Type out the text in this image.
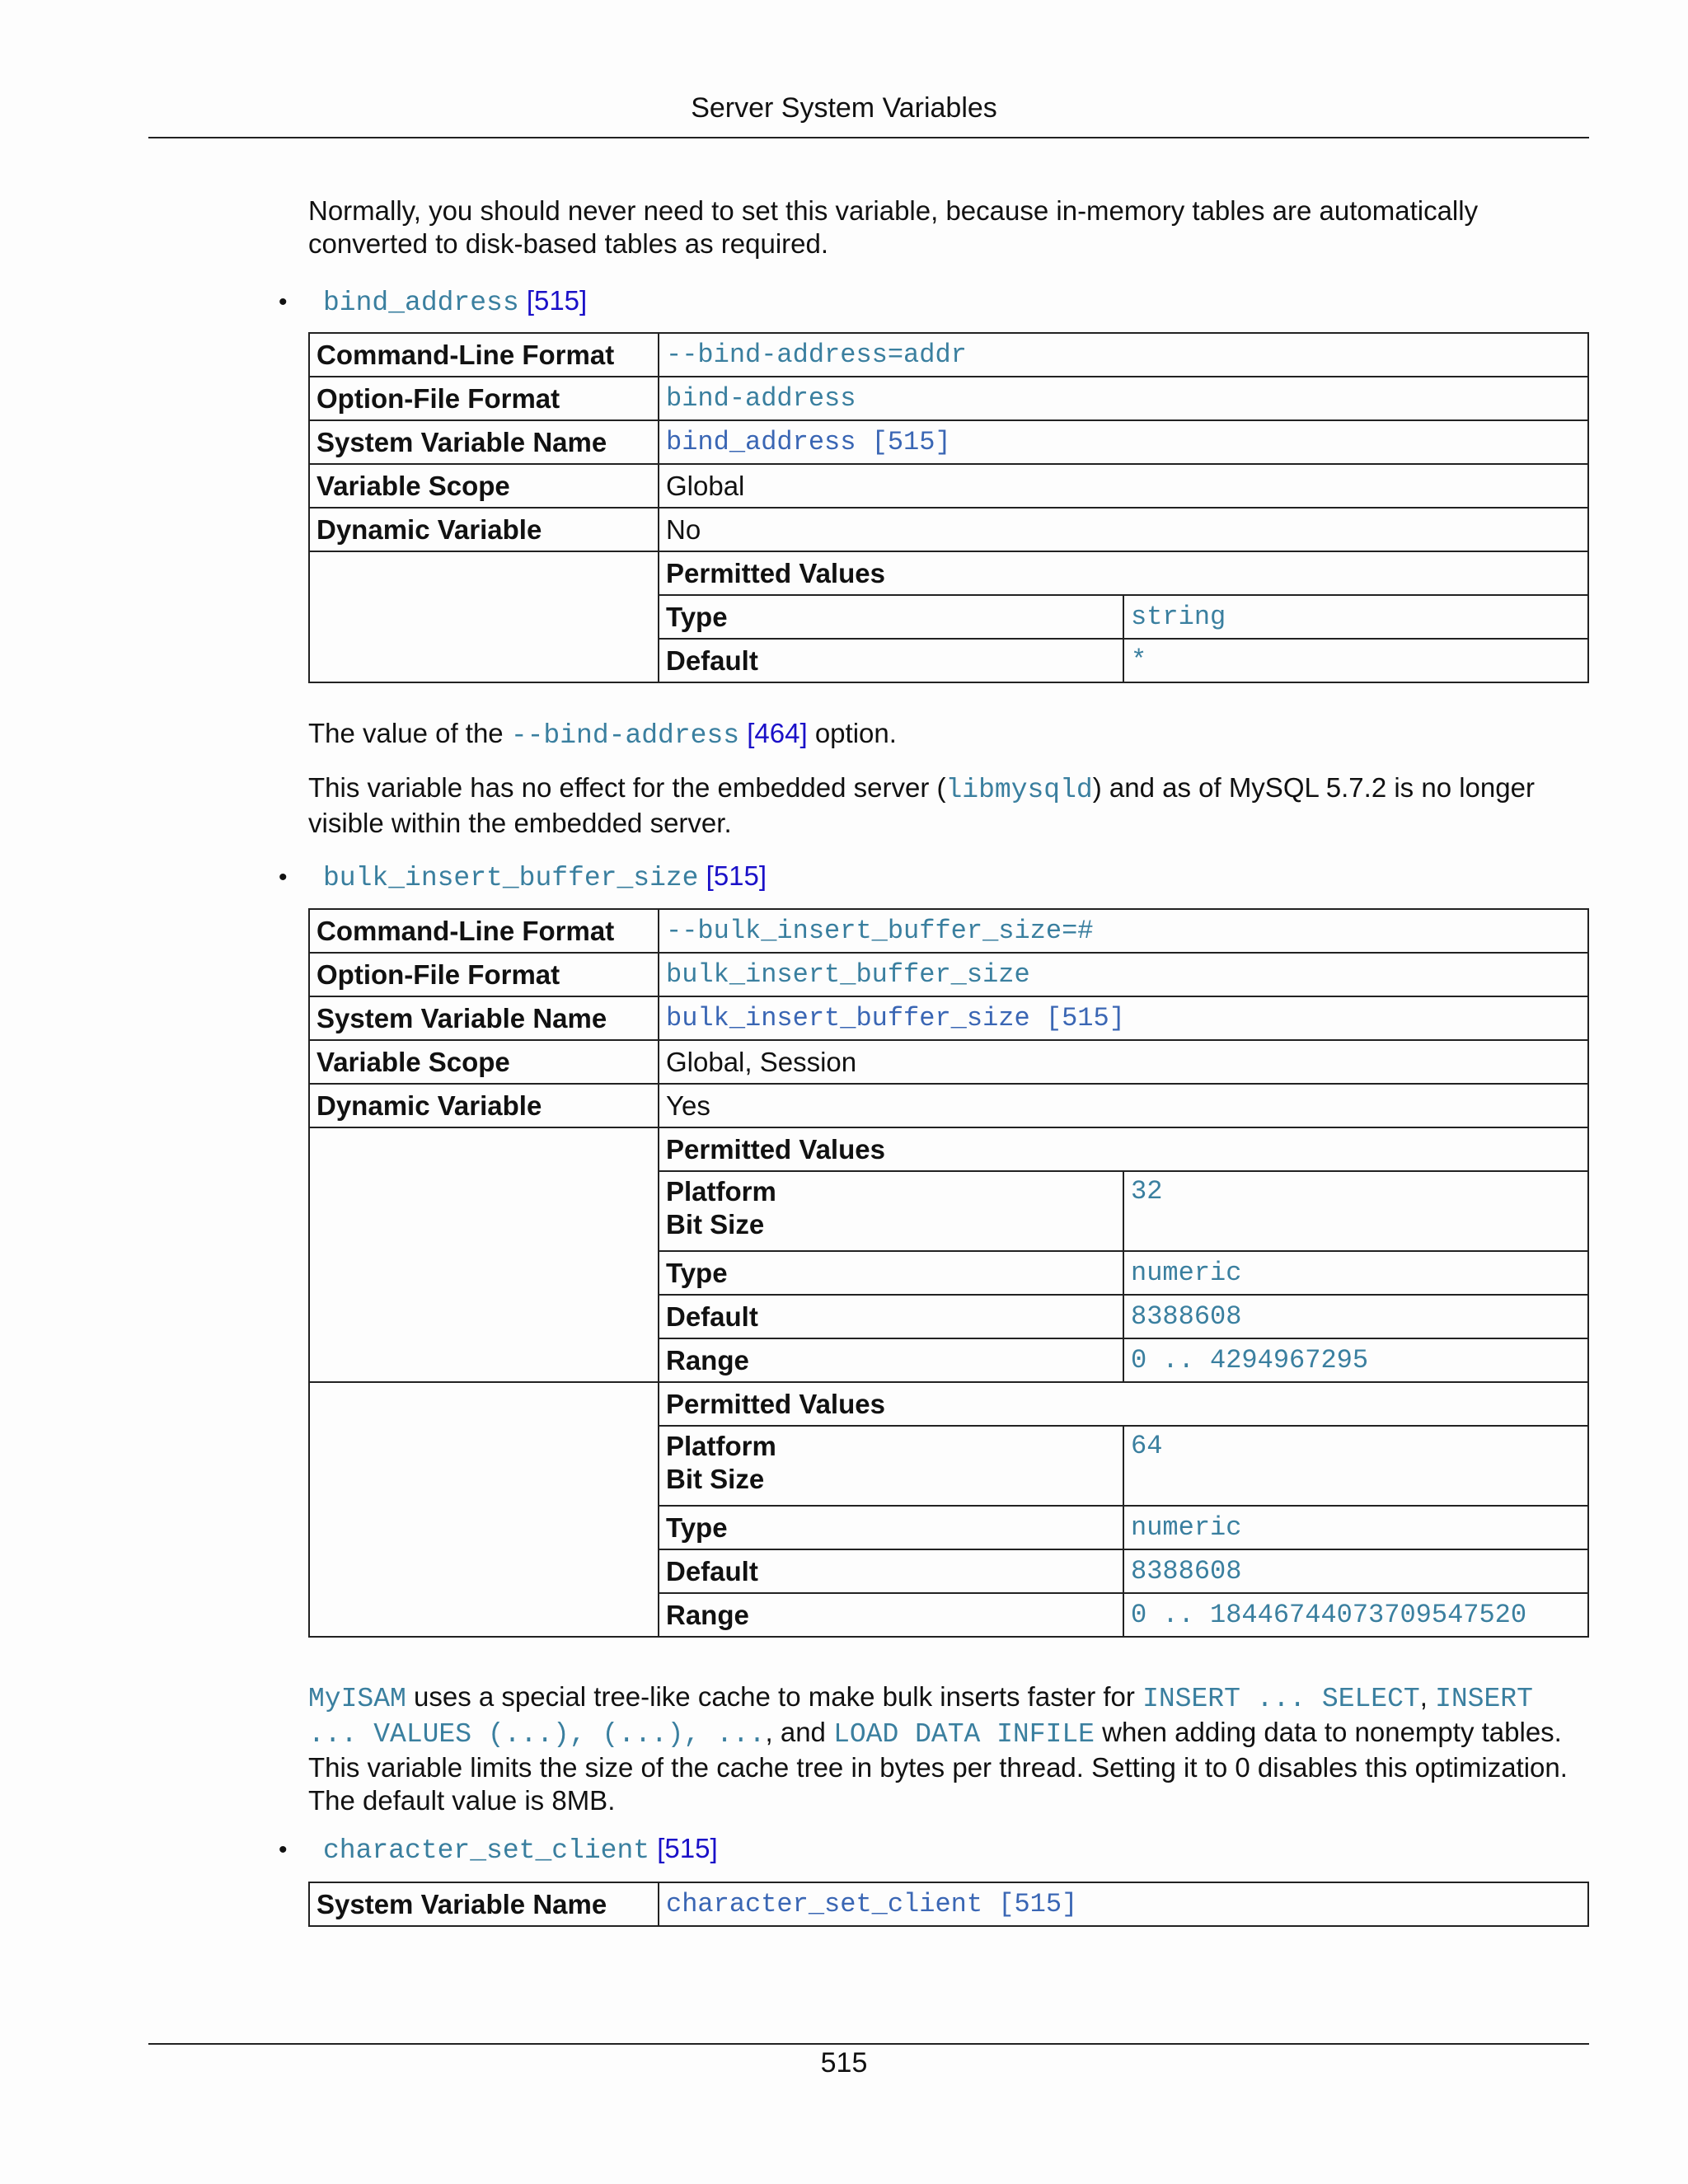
Server System Variables

Normally, you should never need to set this variable, because in-memory tables are automatically converted to disk-based tables as required.

• bind_address [515]
Command-Line Format	--bind-address=addr	
Option-File Format	bind-address	
System Variable Name	bind_address [515]	
Variable Scope	Global	
Dynamic Variable	No	
	Permitted Values	
	Type	string
	Default	*

The value of the --bind-address [464] option.

This variable has no effect for the embedded server (libmysqld) and as of MySQL 5.7.2 is no longer visible within the embedded server.

• bulk_insert_buffer_size [515]
Command-Line Format	--bulk_insert_buffer_size=#	
Option-File Format	bulk_insert_buffer_size	
System Variable Name	bulk_insert_buffer_size [515]	
Variable Scope	Global, Session	
Dynamic Variable	Yes	
	Permitted Values	
	Platform
Bit Size	32
	Type	numeric
	Default	8388608
	Range	0 .. 4294967295
	Permitted Values	
	Platform
Bit Size	64
	Type	numeric
	Default	8388608
	Range	0 .. 18446744073709547520

MyISAM uses a special tree-like cache to make bulk inserts faster for INSERT ... SELECT, INSERT ... VALUES (...), (...), ..., and LOAD DATA INFILE when adding data to nonempty tables. This variable limits the size of the cache tree in bytes per thread. Setting it to 0 disables this optimization. The default value is 8MB.

• character_set_client [515]
System Variable Name	character_set_client [515]
515
